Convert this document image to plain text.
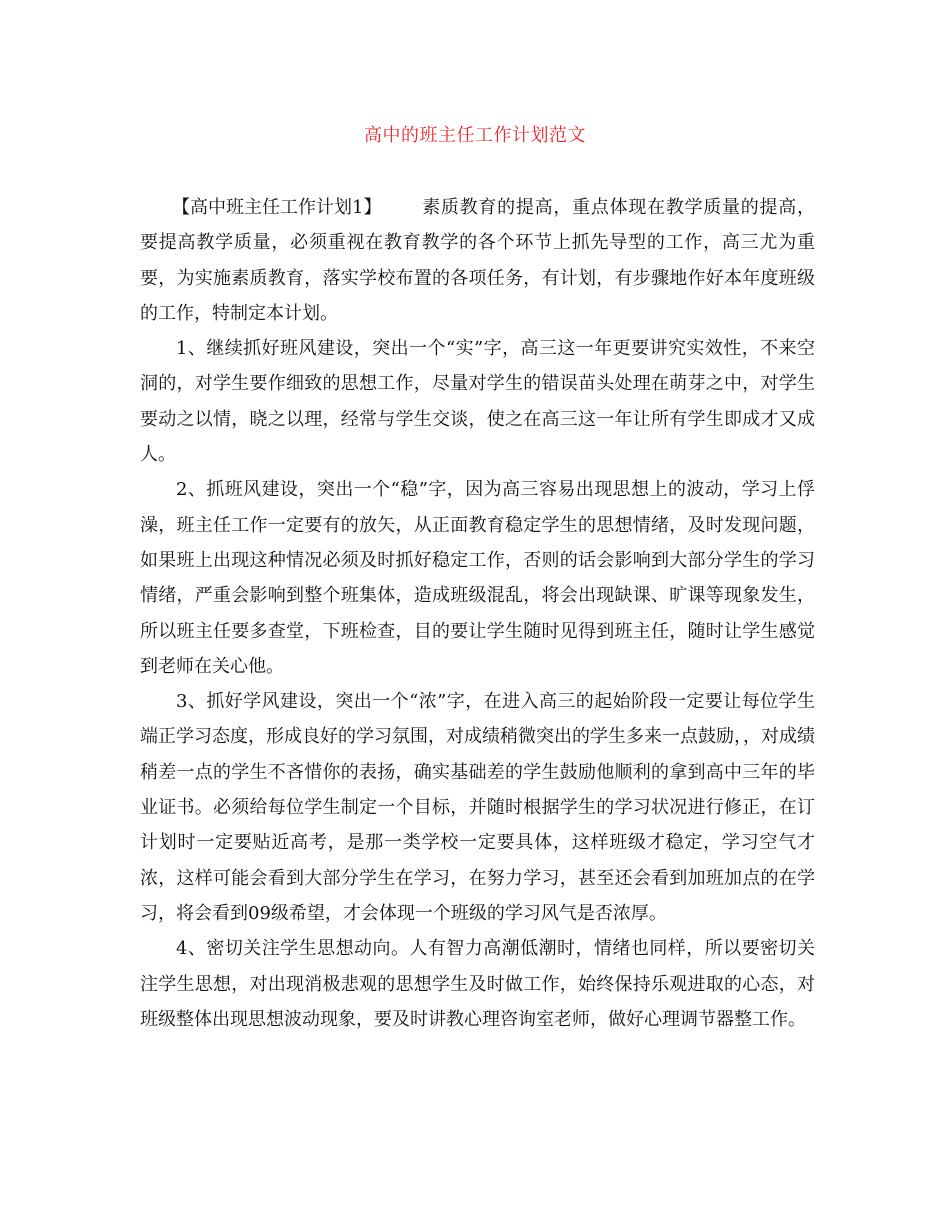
高中的班主任工作计划范文

【高中班主任工作计划1】 素质教育的提高，重点体现在教学质量的提高，要提高教学质量，必须重视在教育教学的各个环节上抓先导型的工作，高三尤为重要，为实施素质教育，落实学校布置的各项任务，有计划，有步骤地作好本年度班级的工作，特制定本计划。

1、继续抓好班风建设，突出一个“实”字，高三这一年更要讲究实效性，不来空洞的，对学生要作细致的思想工作，尽量对学生的错误苗头处理在萌芽之中，对学生要动之以情，晓之以理，经常与学生交谈，使之在高三这一年让所有学生即成才又成人。

2、抓班风建设，突出一个“稳”字，因为高三容易出现思想上的波动，学习上俘澡，班主任工作一定要有的放矢，从正面教育稳定学生的思想情绪，及时发现问题，如果班上出现这种情况必须及时抓好稳定工作，否则的话会影响到大部分学生的学习情绪，严重会影响到整个班集体，造成班级混乱，将会出现缺课、旷课等现象发生，所以班主任要多查堂，下班检查，目的要让学生随时见得到班主任，随时让学生感觉到老师在关心他。

3、抓好学风建设，突出一个“浓”字，在进入高三的起始阶段一定要让每位学生端正学习态度，形成良好的学习氛围，对成绩稍微突出的学生多来一点鼓励，，对成绩稍差一点的学生不吝惜你的表扬，确实基础差的学生鼓励他顺利的拿到高中三年的毕业证书。必须给每位学生制定一个目标，并随时根据学生的学习状况进行修正，在订计划时一定要贴近高考，是那一类学校一定要具体，这样班级才稳定，学习空气才浓，这样可能会看到大部分学生在学习，在努力学习，甚至还会看到加班加点的在学习，将会看到09级希望，才会体现一个班级的学习风气是否浓厚。

4、密切关注学生思想动向。人有智力高潮低潮时，情绪也同样，所以要密切关注学生思想，对出现消极悲观的思想学生及时做工作，始终保持乐观进取的心态，对班级整体出现思想波动现象，要及时讲教心理咨询室老师，做好心理调节器整工作。
